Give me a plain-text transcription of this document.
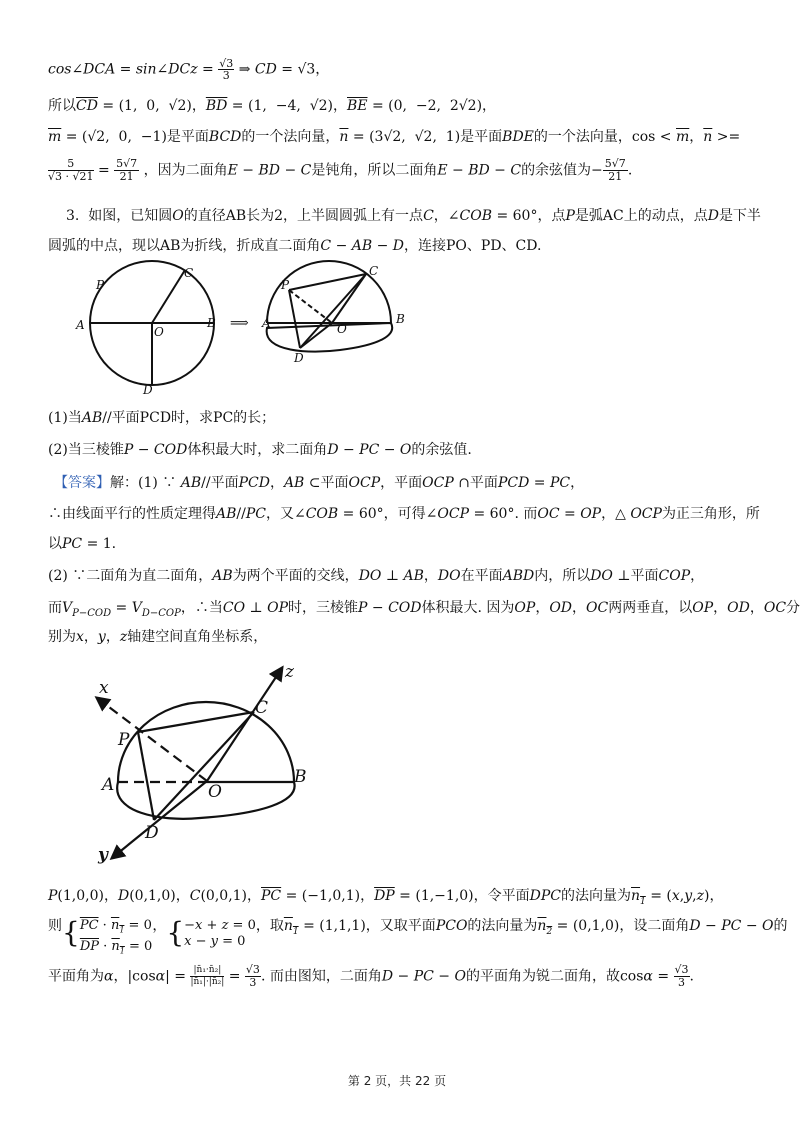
cos∠DCA = sin∠DCz = $\frac{√3}{3}$ ⇒ CD = √3，
所以$\overline{CD} = (1$,  0,  √2)，$\overline{BD} = (1$,  −4,  √2)，$\overline{BE} = (0$,  −2,  2√2)，
$\overline{m} = (√2$,  0,  −1)是平面BCD的一个法向量，$\overline{n} = (3√2$,  √2,  1)是平面BDE的一个法向量，$\cos < \overline{m}$，$\overline{n}$ >=
$\frac{5}{√3 \cdot √21} = \frac{5√7}{21}$ ，因为二面角E − BD − C是钝角，所以二面角E − BD − C的余弦值为− $\frac{5√7}{21}$ .
3.  如图，已知圆O的直径AB长为2，上半圆圆弧上有一点C，∠COB = 60°，点P是弧AC上的动点，点D是下半
圆弧的中点，现以AB为折线，折成直二面角C − AB − D，连接PO、PD、CD.
P
C
A	O
B
D
⟹
P
C
A	O
B
D
(1)当AB//平面PCD时，求PC的长；
(2)当三棱锥P − COD体积最大时，求二面角D − PC − O的余弦值.
【答案】解：(1) ∵ AB//平面PCD，AB ⊂平面OCP，平面OCP ∩平面PCD = PC，
∴由线面平行的性质定理得AB//PC，又∠COB = 60°，可得∠OCP = 60°. 而OC = OP，△ OCP为正三角形，所
以PC = 1.
(2) ∵二面角为直二面角，AB为两个平面的交线，DO ⊥ AB，DO在平面ABD内，所以DO ⊥平面COP，
而$V_{P-COD} = V_{D-COP}$，∴当CO ⊥ OP时，三棱锥P − COD体积最大. 因为OP，OD，OC两两垂直，以OP，OD，OC分
别为x，y，z轴建空间直角坐标系，
x
z
P
C
A	O
B
D
y
P(1,0,0)，D(0,1,0)，C(0,0,1)，$\overline{PC} = (-1,0,1)$，$\overline{DP} = (1,-1,0)$，令平面DPC的法向量为$n_1 = (x,y,z)$，
则{$\overline{PC} \cdot n_1 = 0$
$\overline{DP} \cdot n_1 = 0$，{−x + z = 0
x − y = 0，取$n_1 = (1,1,1)$，又取平面PCO的法向量为$n_2 = (0,1,0)$，设二面角D − PC − O的
平面角为α，$|\cos\alpha| = \frac{\text{|n̄₁·n̄₂|}}{\text{|n̄₁|·|n̄₂|}} = \frac{√3}{3}$ . 而由图知，二面角D − PC − O的平面角为锐二面角，故$\cos\alpha = \frac{√3}{3}$ .
第 2 页，共 22 页
